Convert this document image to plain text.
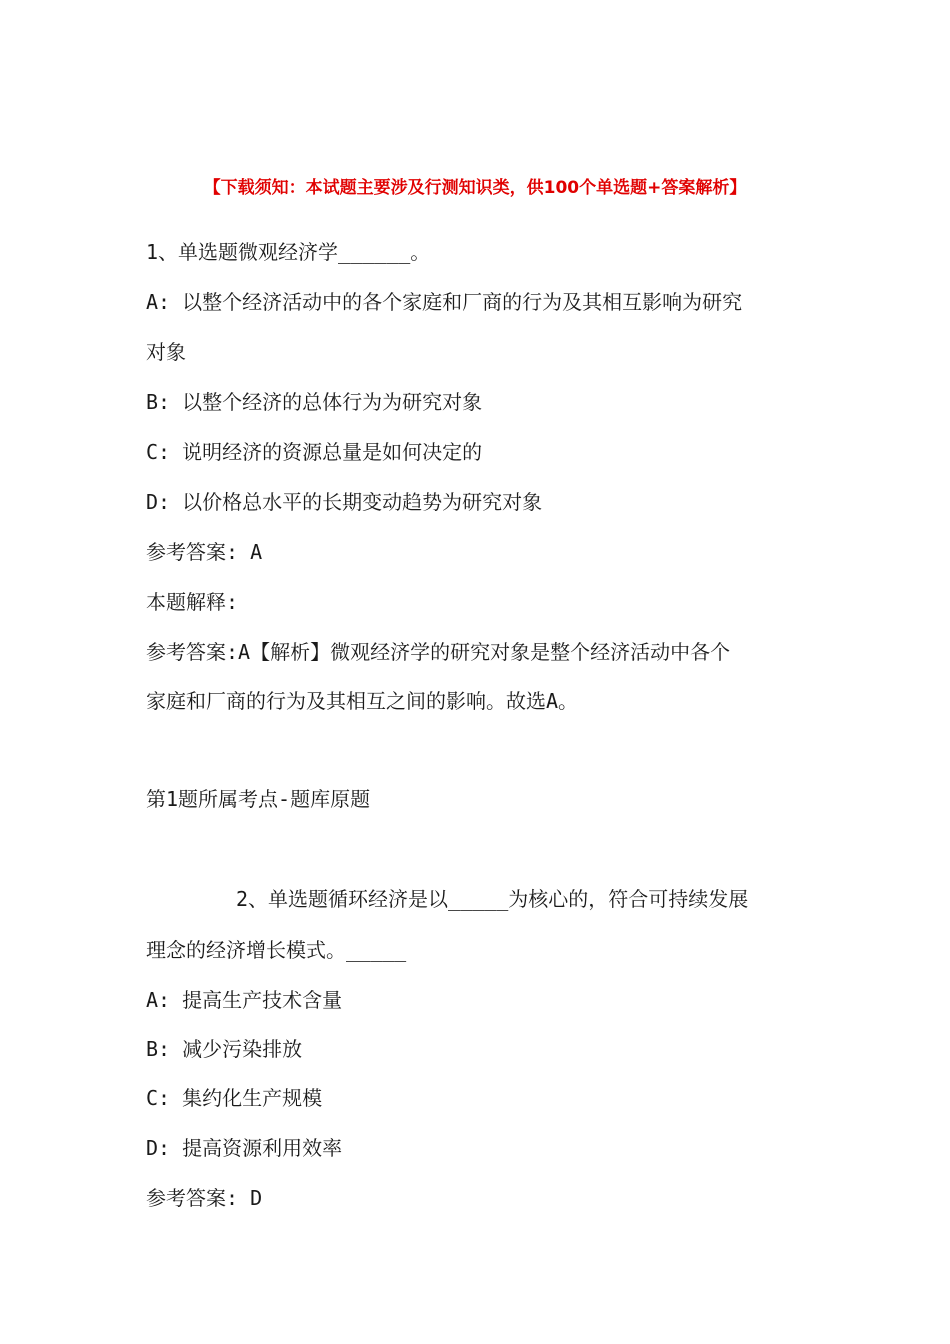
【下载须知：本试题主要涉及行测知识类，供100个单选题+答案解析】
1、单选题微观经济学______。
A: 以整个经济活动中的各个家庭和厂商的行为及其相互影响为研究
对象
B: 以整个经济的总体行为为研究对象
C: 说明经济的资源总量是如何决定的
D: 以价格总水平的长期变动趋势为研究对象
参考答案: A
本题解释:
参考答案:A【解析】微观经济学的研究对象是整个经济活动中各个
家庭和厂商的行为及其相互之间的影响。故选A。
第1题所属考点-题库原题
2、单选题循环经济是以_____为核心的，符合可持续发展
理念的经济增长模式。_____
A: 提高生产技术含量
B: 减少污染排放
C: 集约化生产规模
D: 提高资源利用效率
参考答案: D
